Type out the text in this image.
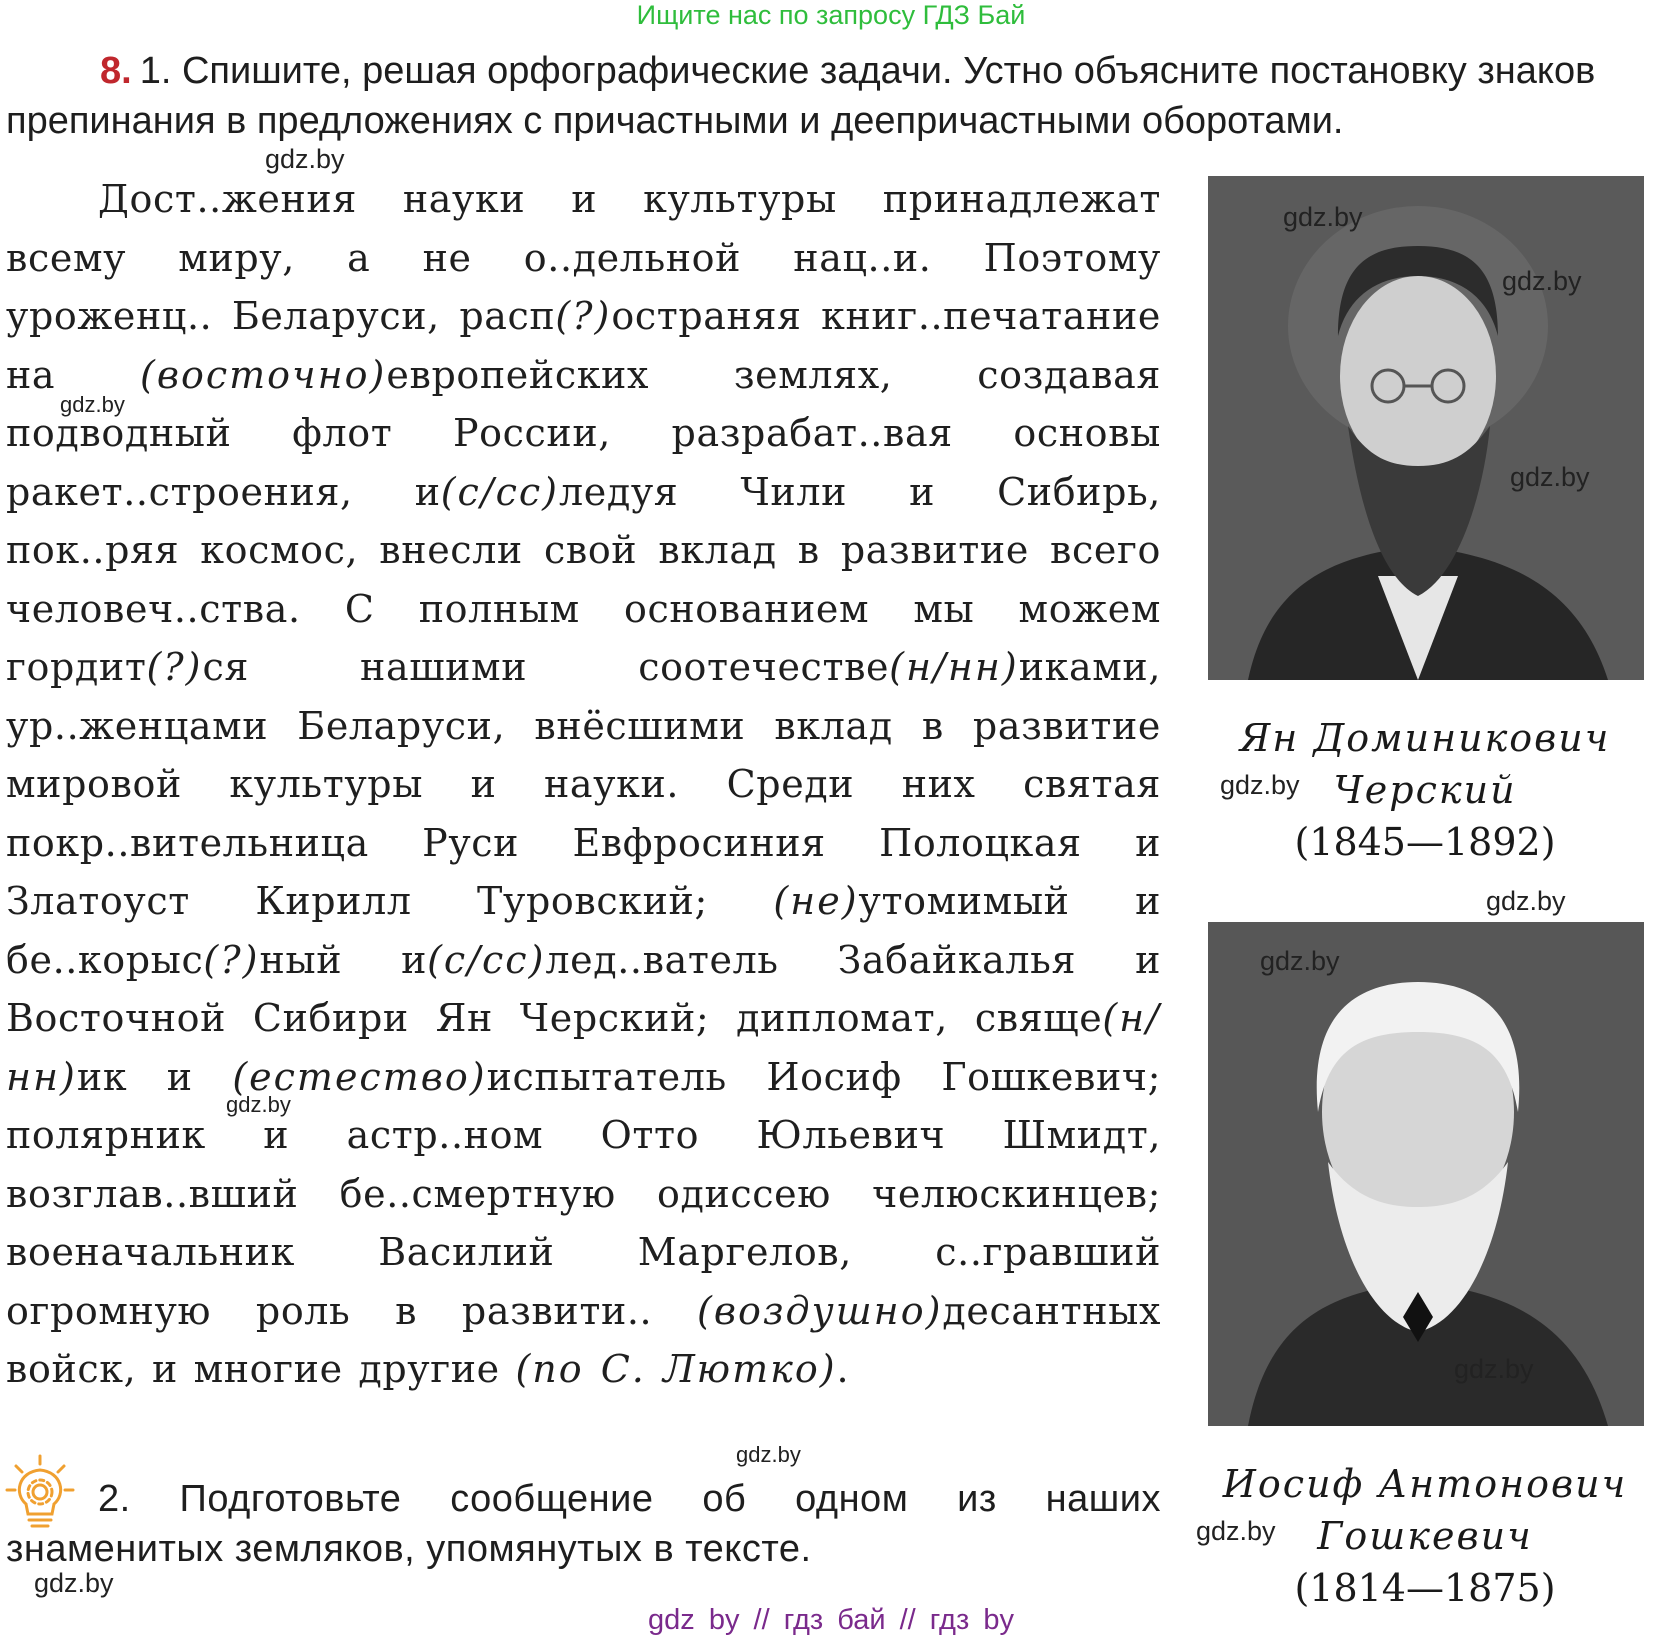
Ищите нас по запросу ГДЗ Бай
8. 1. Спишите, решая орфографические задачи. Устно объясните постановку знаков препинания в предложениях с причастными и деепричастными оборотами.
Дост..жения науки и культуры принадлежат всему миру, а не о..дельной нац..и. Поэтому уроженц.. Беларуси, расп(?)остраняя книг..печатание на (восточно)европейских землях, создавая подводный флот России, разрабат..вая основы ракет..строения, и(с/сс)ледуя Чили и Сибирь, пок..ряя космос, внесли свой вклад в развитие всего человеч..ства. С полным основанием мы можем гордит(?)ся нашими соотечестве(н/нн)иками, ур..женцами Беларуси, внёсшими вклад в развитие мировой культуры и науки. Среди них святая покр..вительница Руси Евфросиния Полоцкая и Златоуст Кирилл Туровский; (не)утомимый и бе..корыс(?)ный и(с/сс)лед..ватель Забайкалья и Восточной Сибири Ян Черский; дипломат, свяще(н/нн)ик и (естество)испытатель Иосиф Гошкевич; полярник и астр..ном Отто Юльевич Шмидт, возглав..вший бе..смертную одиссею челюскинцев; военачальник Василий Маргелов, с..гравший огромную роль в развити.. (воздушно)десантных войск, и многие другие (по С. Лютко).
2. Подготовьте сообщение об одном из наших знаменитых земляков, упомянутых в тексте.
gdz.by
gdz.by
gdz.by
Ян Доминикович
Черский
(1845—1892)
gdz.by
gdz.by
Иосиф Антонович
Гошкевич
(1814—1875)
gdz.by
gdz.by
gdz.by
gdz.by
gdz.by
gdz.by
gdz.by
gdz.by
gdz by // гдз бай // гдз by
